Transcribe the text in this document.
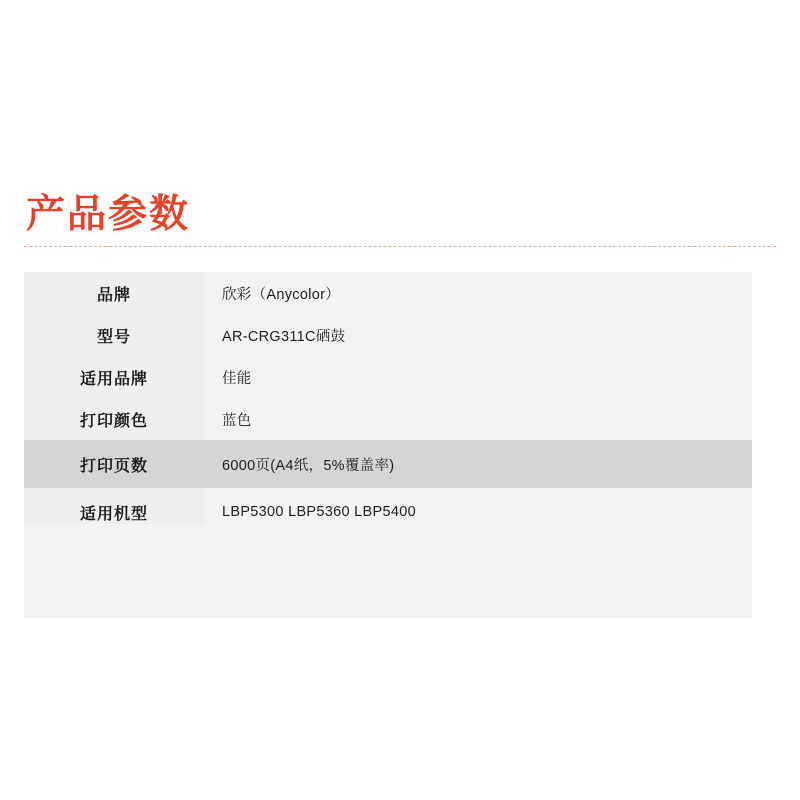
产品参数
品牌	欣彩（Anycolor）
型号	AR-CRG311C硒鼓
适用品牌	佳能
打印颜色	蓝色
打印页数	6000页(A4纸，5%覆盖率)
适用机型	LBP5300 LBP5360 LBP5400
